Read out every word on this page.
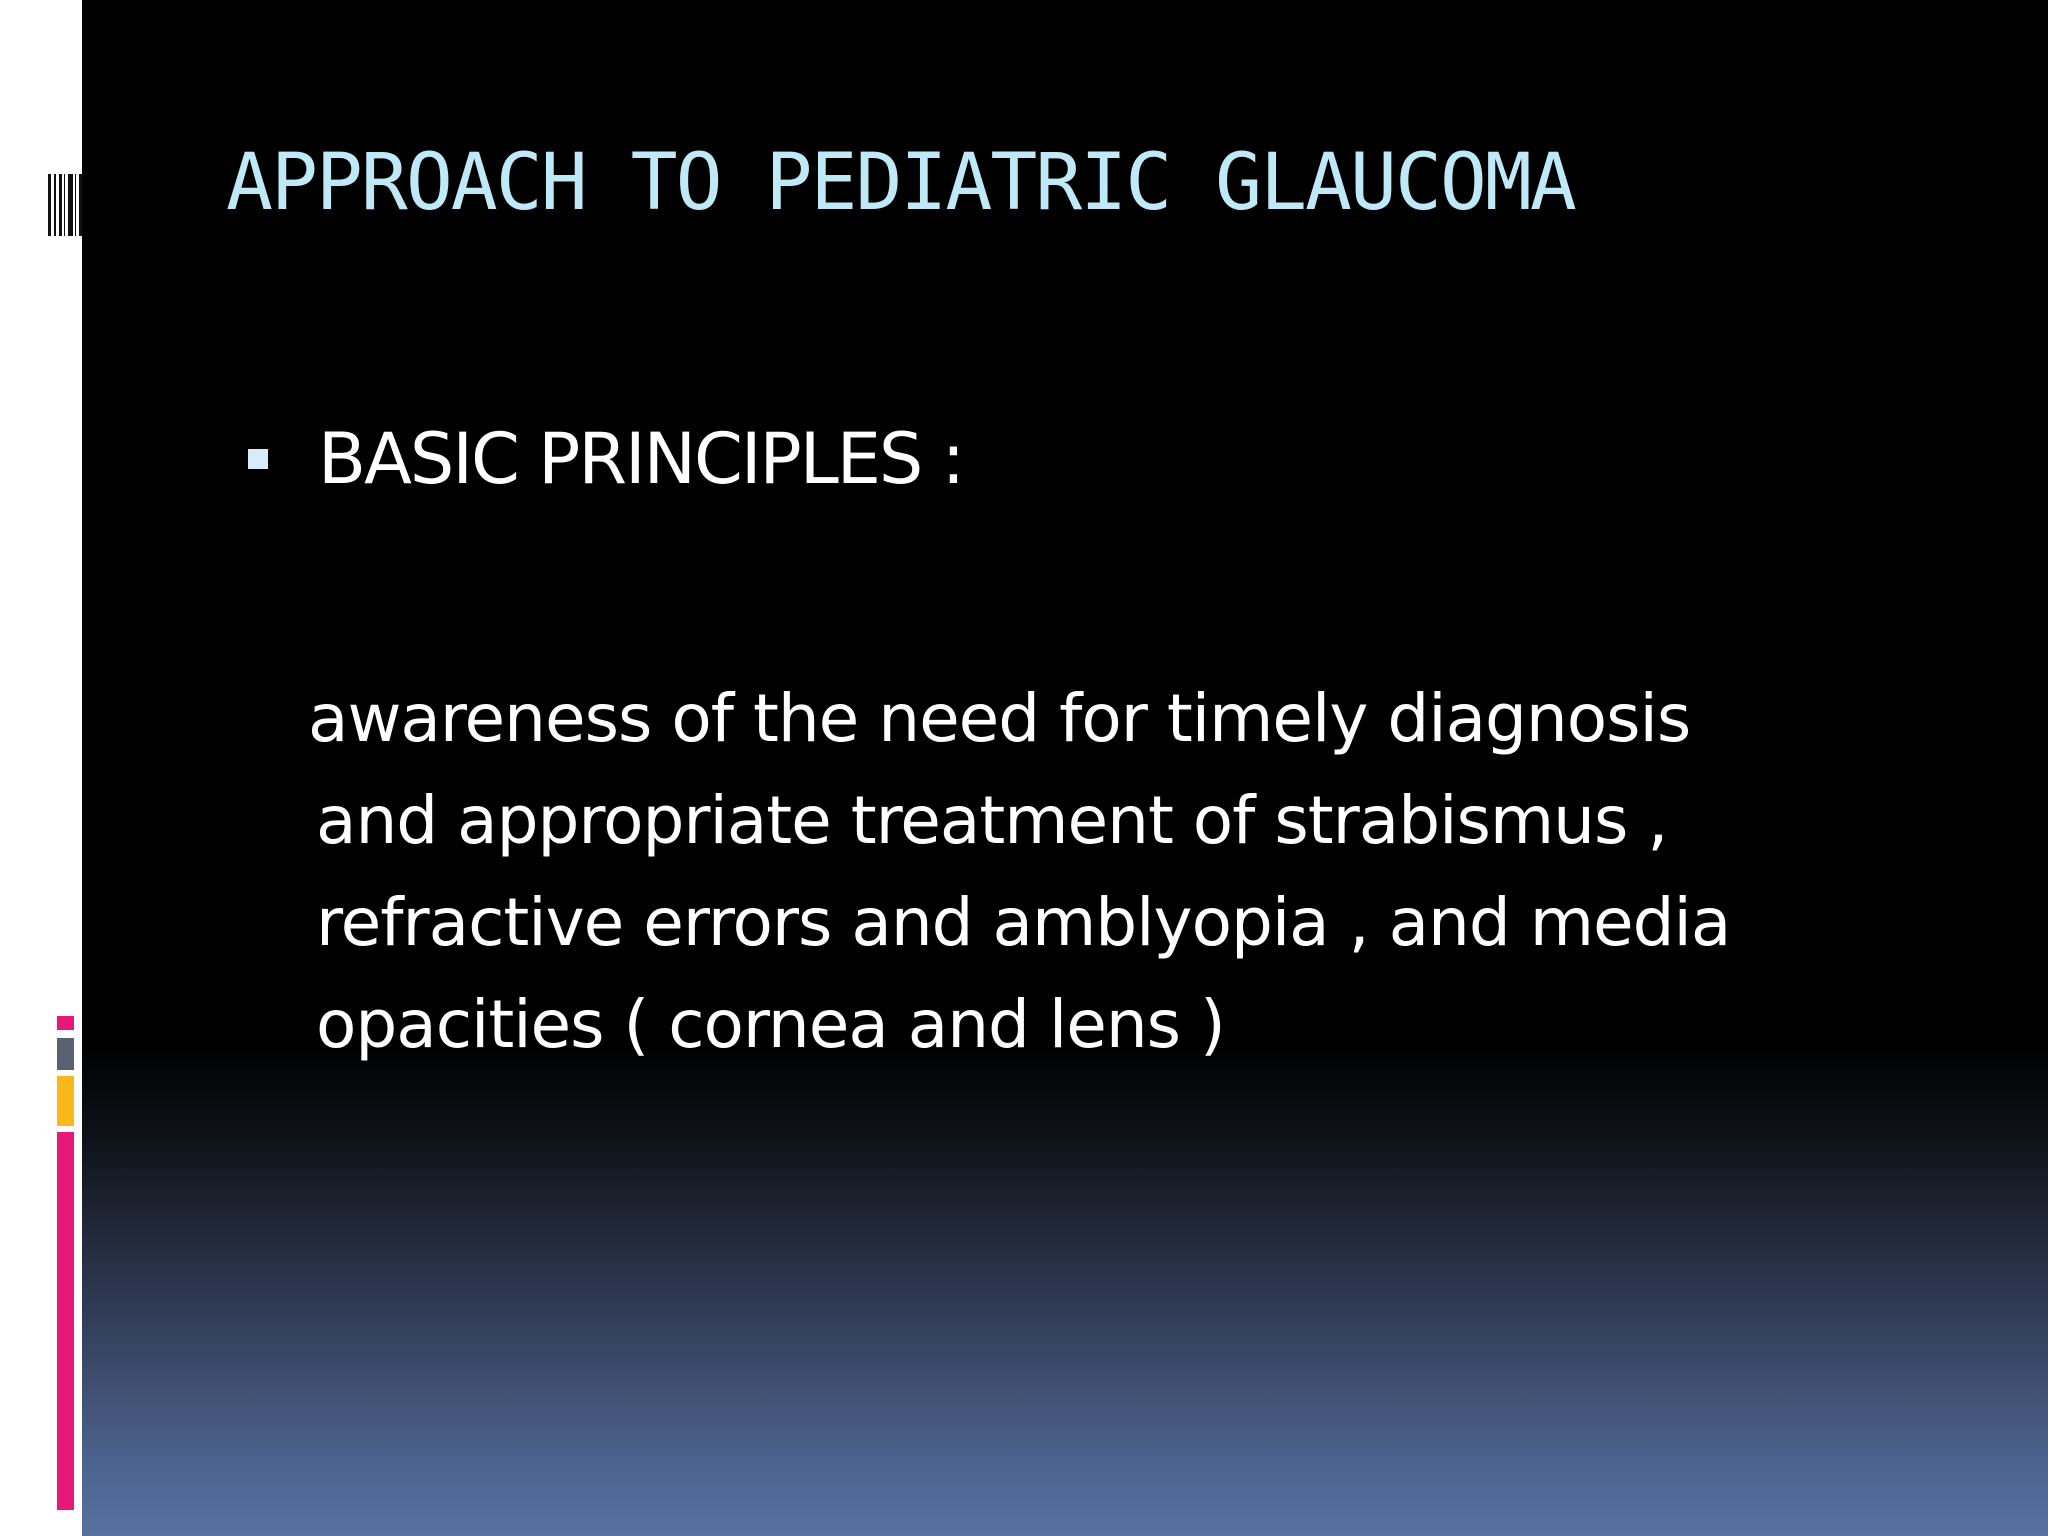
APPROACH TO PEDIATRIC GLAUCOMA
BASIC PRINCIPLES :
awareness of the need for timely diagnosis
and appropriate treatment of strabismus ,
refractive errors and amblyopia , and media
opacities ( cornea and lens )
